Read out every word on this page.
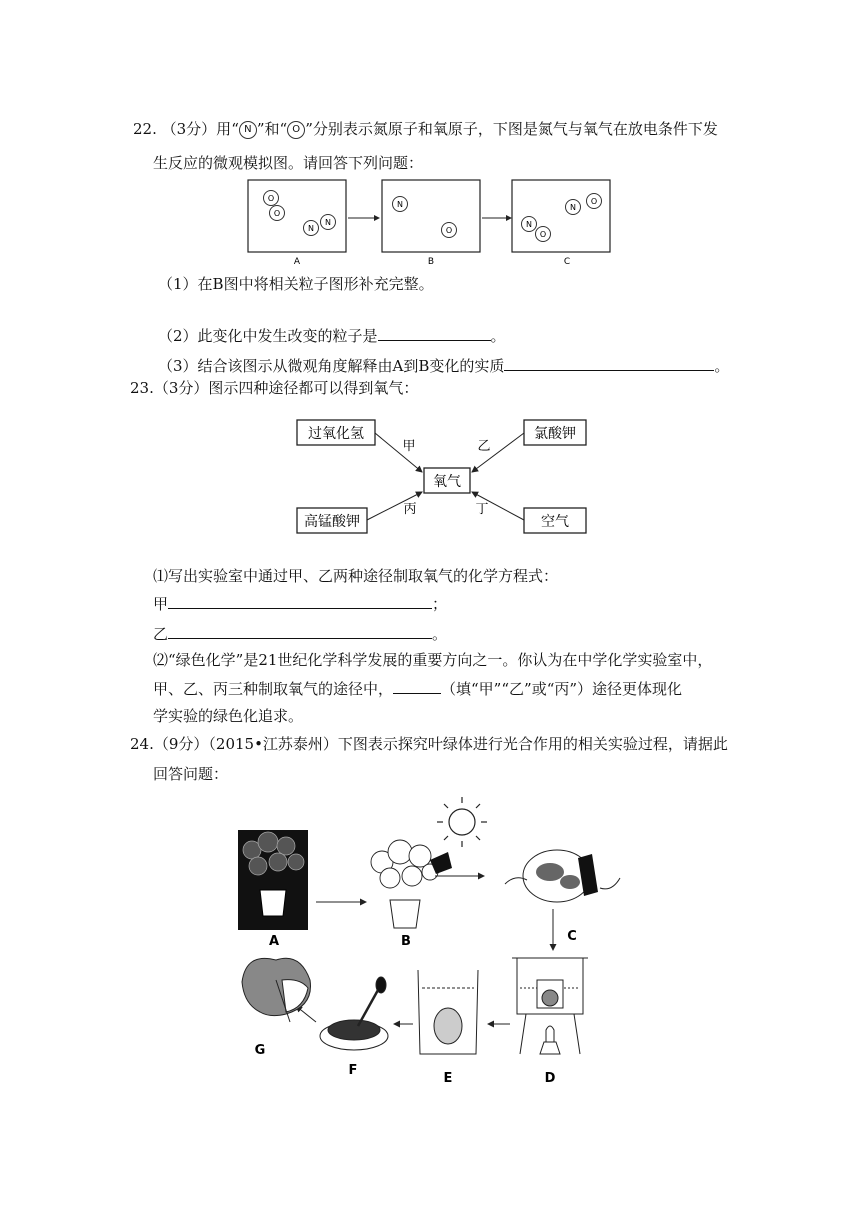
22. （3分）用“ N ”和“ O ”分别表示氮原子和氧原子，下图是氮气与氧气在放电条件下发
生反应的微观模拟图。请回答下列问题：
O
O
N
N
A
N
O
B
N
O
N
O
C
（1）在B图中将相关粒子图形补充完整。
（2）此变化中发生改变的粒子是	。
（3）结合该图示从微观角度解释由A到B变化的实质	。
23.（3分）图示四种途径都可以得到氧气：
过氧化氢	氯酸钾
氧气
高锰酸钾	空气
甲	乙
丙	丁
⑴写出实验室中通过甲、乙两种途径制取氧气的化学方程式：
甲	；
乙	。
⑵“绿色化学”是21世纪化学科学发展的重要方向之一。你认为在中学化学实验室中，
甲、乙、丙三种制取氧气的途径中，	（填“甲”“乙”或“丙”）途径更体现化
学实验的绿色化追求。
24.（9分）（2015•江苏泰州）下图表示探究叶绿体进行光合作用的相关实验过程，请据此
回答问题：
A	B	C
D
E
F
G
